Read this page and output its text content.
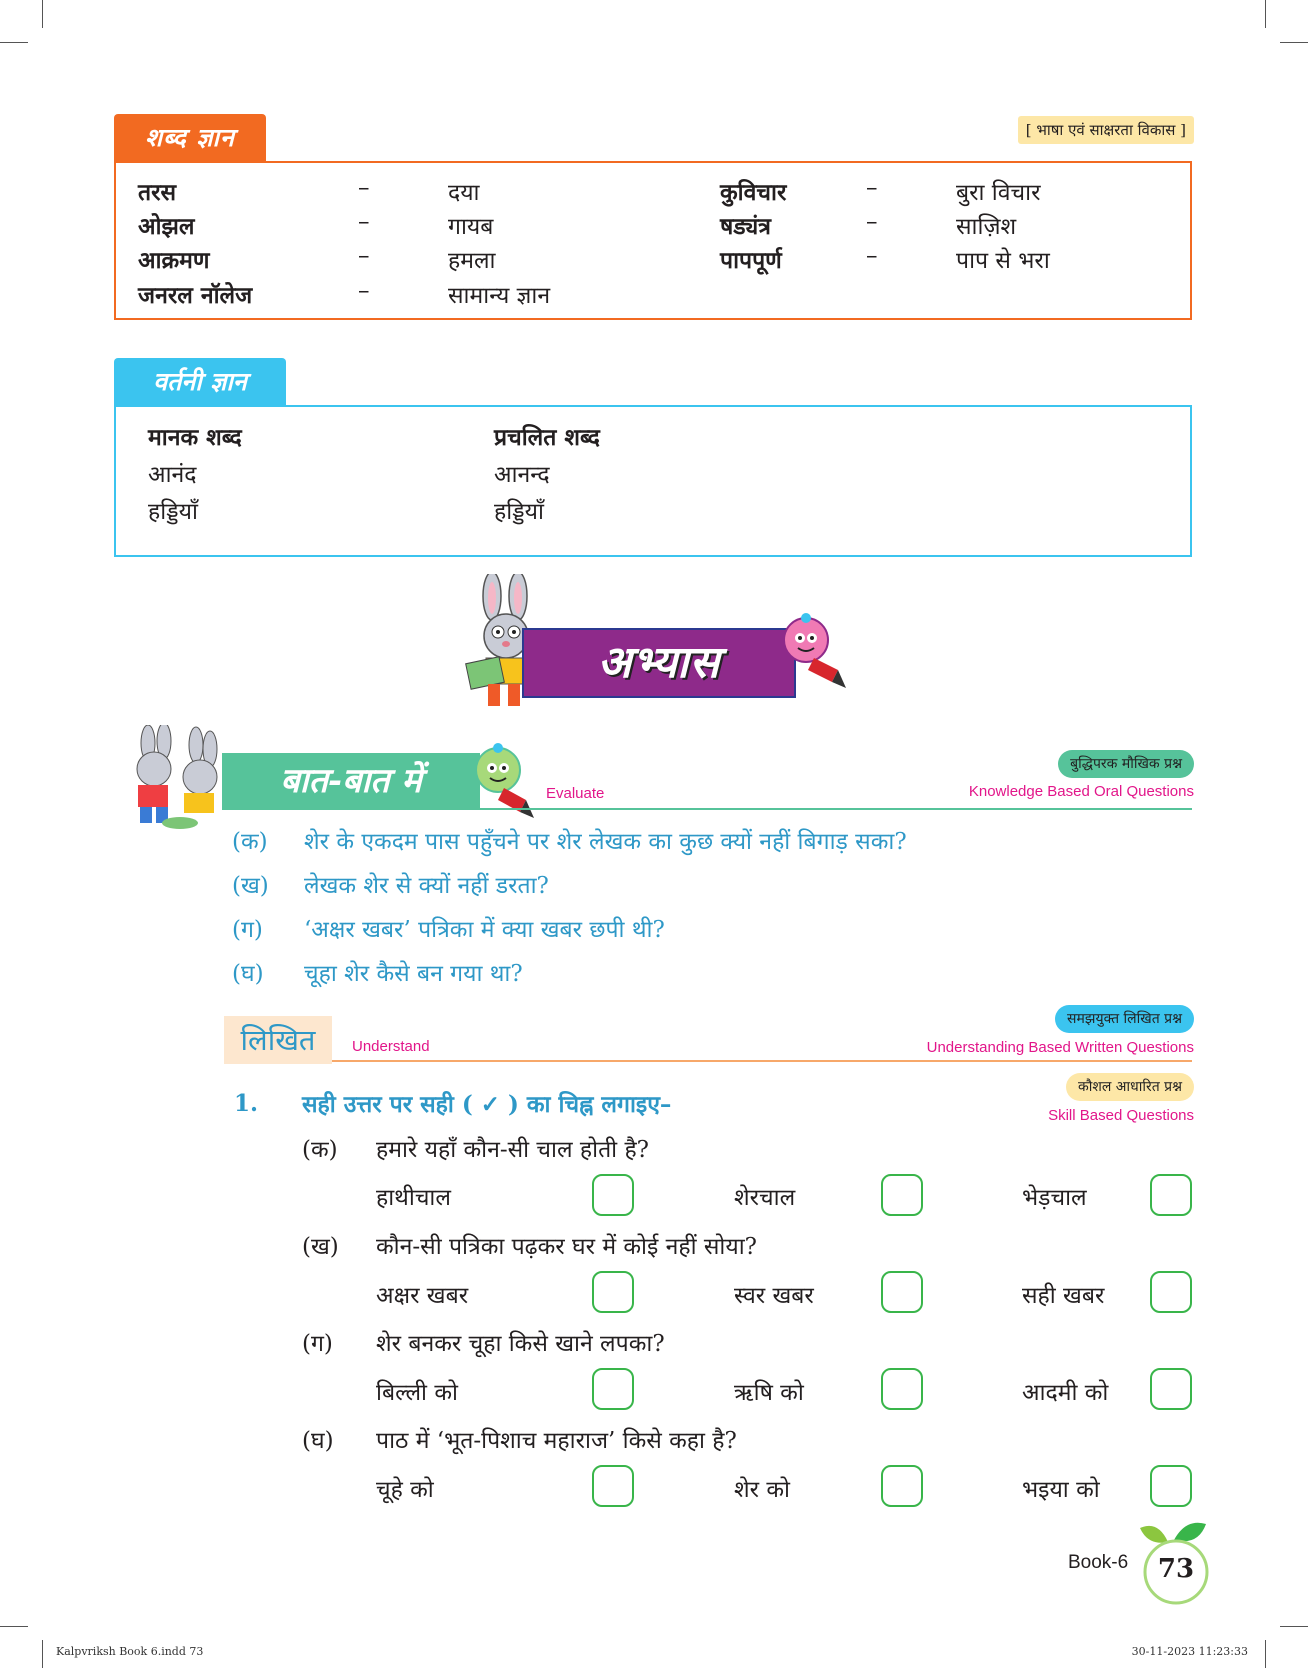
शब्द ज्ञान	[ भाषा एवं साक्षरता विकास ]
तरस	–	दया
ओझल	–	गायब
आक्रमण	–	हमला
जनरल नॉलेज	–	सामान्य ज्ञान
कुविचार	–	बुरा विचार
षड्यंत्र	–	साज़िश
पापपूर्ण	–	पाप से भरा
वर्तनी ज्ञान
मानक शब्द	प्रचलित शब्द
आनंद	आनन्द
हड्डियाँ	हड्डियाँ
अभ्यास
बात-बात में	Evaluate
बुद्धिपरक मौखिक प्रश्न
Knowledge Based Oral Questions
(क) शेर के एकदम पास पहुँचने पर शेर लेखक का कुछ क्यों नहीं बिगाड़ सका?
(ख) लेखक शेर से क्यों नहीं डरता?
(ग) ‘अक्षर खबर’ पत्रिका में क्या खबर छपी थी?
(घ) चूहा शेर कैसे बन गया था?
लिखित	Understand
समझयुक्त लिखित प्रश्न
Understanding Based Written Questions
1. सही उत्तर पर सही ( ✓ ) का चिह्न लगाइए–
कौशल आधारित प्रश्न
Skill Based Questions
(क) हमारे यहाँ कौन-सी चाल होती है?
हाथीचाल	शेरचाल	भेड़चाल
(ख) कौन-सी पत्रिका पढ़कर घर में कोई नहीं सोया?
अक्षर खबर	स्वर खबर	सही खबर
(ग) शेर बनकर चूहा किसे खाने लपका?
बिल्ली को	ऋषि को	आदमी को
(घ) पाठ में ‘भूत-पिशाच महाराज’ किसे कहा है?
चूहे को	शेर को	भइया को
Book-6	73
Kalpvriksh Book 6.indd 73	30-11-2023 11:23:33
